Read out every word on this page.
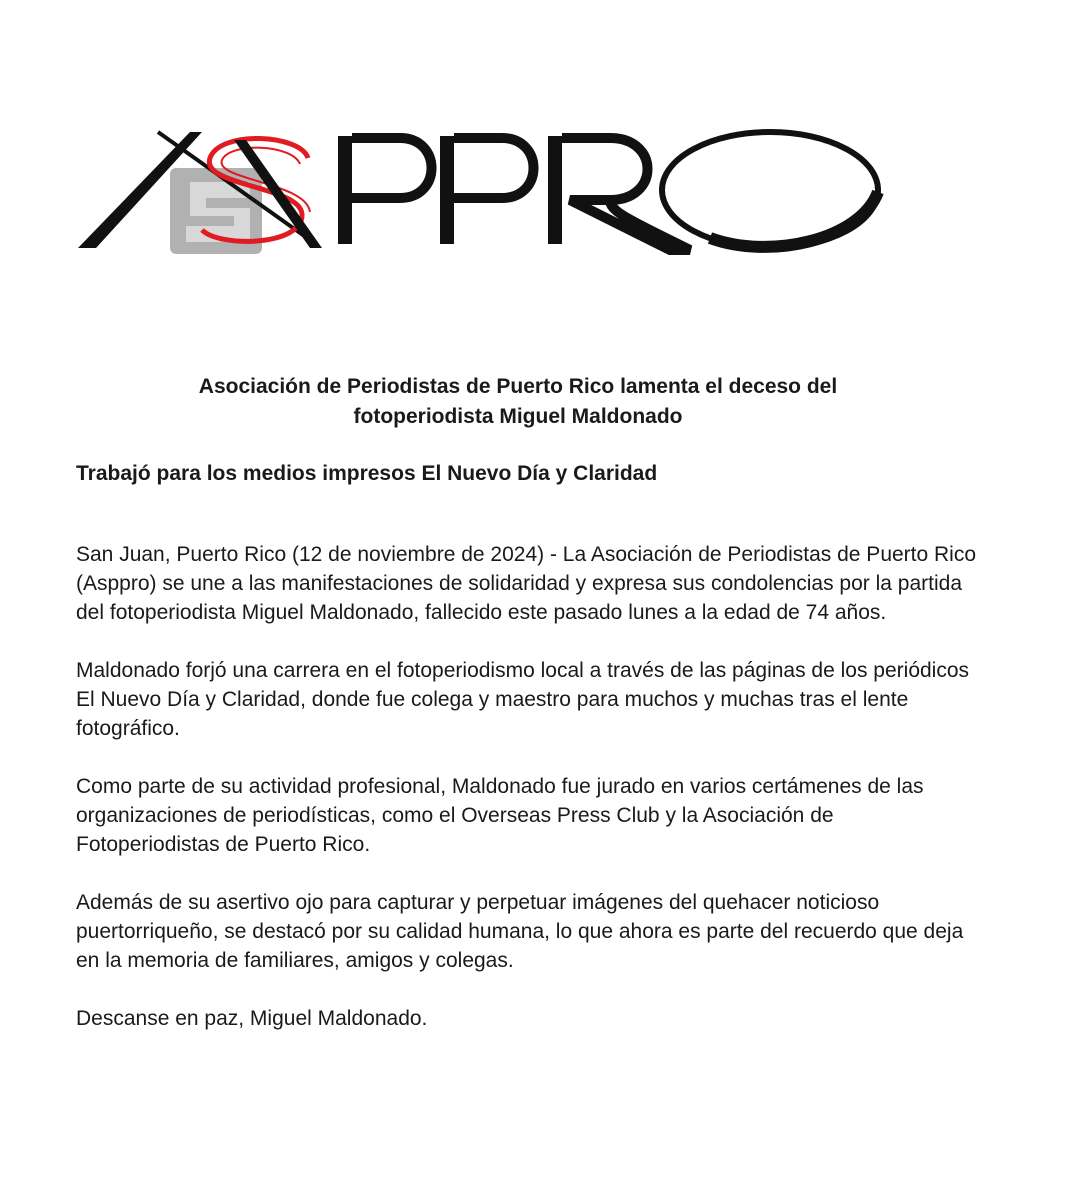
Asociación de Periodistas de Puerto Rico lamenta el deceso del
fotoperiodista Miguel Maldonado
Trabajó para los medios impresos El Nuevo Día y Claridad

San Juan, Puerto Rico (12 de noviembre de 2024) - La Asociación de Periodistas de Puerto Rico (Asppro) se une a las manifestaciones de solidaridad y expresa sus condolencias por la partida del fotoperiodista Miguel Maldonado, fallecido este pasado lunes a la edad de 74 años.

Maldonado forjó una carrera en el fotoperiodismo local a través de las páginas de los periódicos El Nuevo Día y Claridad, donde fue colega y maestro para muchos y muchas tras el lente fotográfico.

Como parte de su actividad profesional, Maldonado fue jurado en varios certámenes de las organizaciones de periodísticas, como el Overseas Press Club y la Asociación de Fotoperiodistas de Puerto Rico.

Además de su asertivo ojo para capturar y perpetuar imágenes del quehacer noticioso puertorriqueño, se destacó por su calidad humana, lo que ahora es parte del recuerdo que deja en la memoria de familiares, amigos y colegas.

Descanse en paz, Miguel Maldonado.
